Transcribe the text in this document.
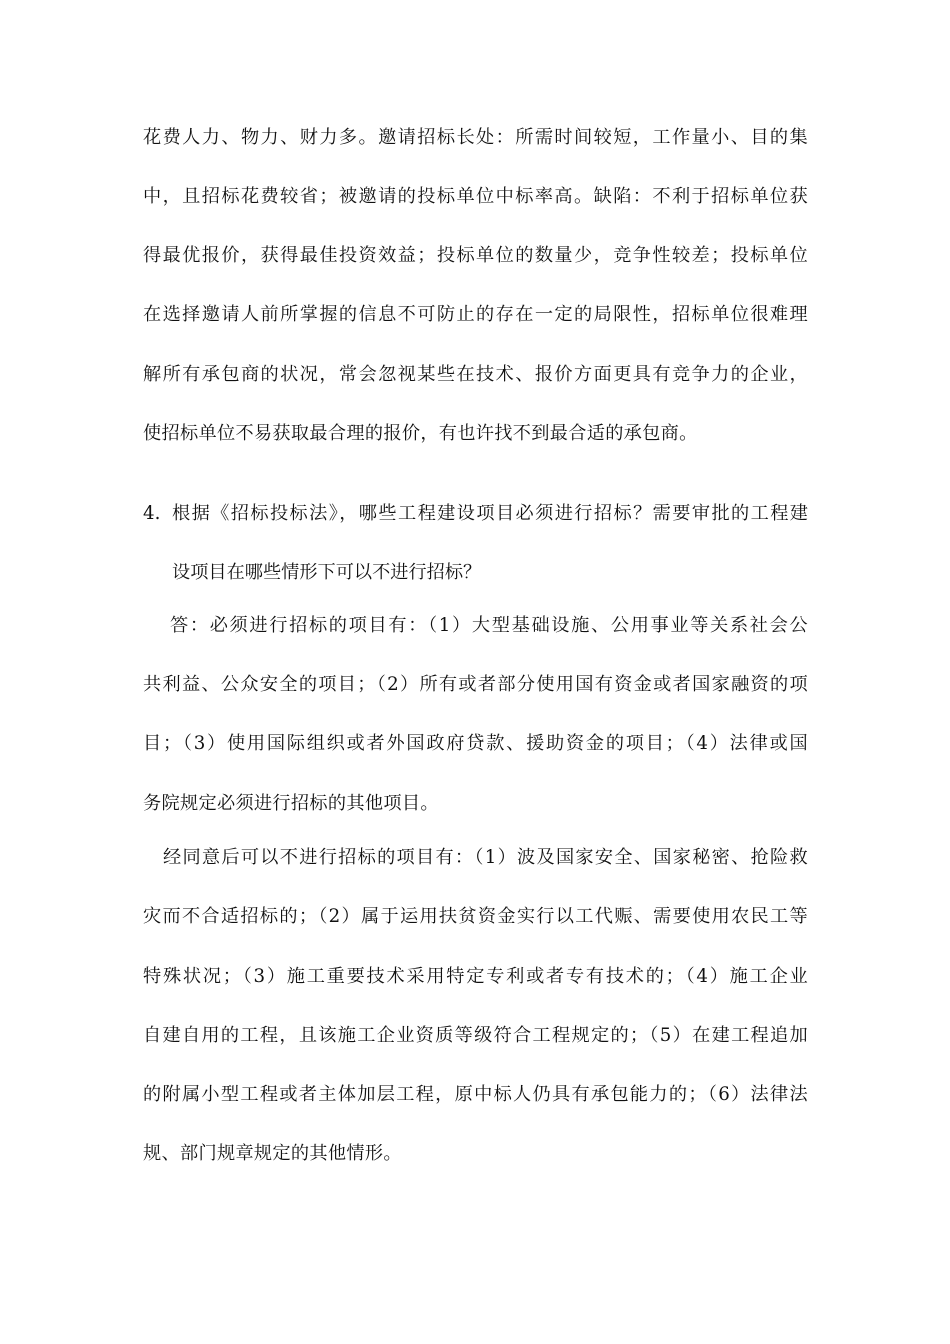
花费人力、物力、财力多。邀请招标长处：所需时间较短，工作量小、目的集
中，且招标花费较省；被邀请的投标单位中标率高。缺陷：不利于招标单位获
得最优报价，获得最佳投资效益；投标单位的数量少，竞争性较差；投标单位
在选择邀请人前所掌握的信息不可防止的存在一定的局限性，招标单位很难理
解所有承包商的状况，常会忽视某些在技术、报价方面更具有竞争力的企业，
使招标单位不易获取最合理的报价，有也许找不到最合适的承包商。
4. 根据《招标投标法》，哪些工程建设项目必须进行招标？需要审批的工程建
设项目在哪些情形下可以不进行招标？
答：必须进行招标的项目有：（1）大型基础设施、公用事业等关系社会公
共利益、公众安全的项目；（2）所有或者部分使用国有资金或者国家融资的项
目；（3）使用国际组织或者外国政府贷款、援助资金的项目；（4）法律或国
务院规定必须进行招标的其他项目。
经同意后可以不进行招标的项目有：（1）波及国家安全、国家秘密、抢险救
灾而不合适招标的；（2）属于运用扶贫资金实行以工代赈、需要使用农民工等
特殊状况；（3）施工重要技术采用特定专利或者专有技术的；（4）施工企业
自建自用的工程，且该施工企业资质等级符合工程规定的；（5）在建工程追加
的附属小型工程或者主体加层工程，原中标人仍具有承包能力的；（6）法律法
规、部门规章规定的其他情形。
